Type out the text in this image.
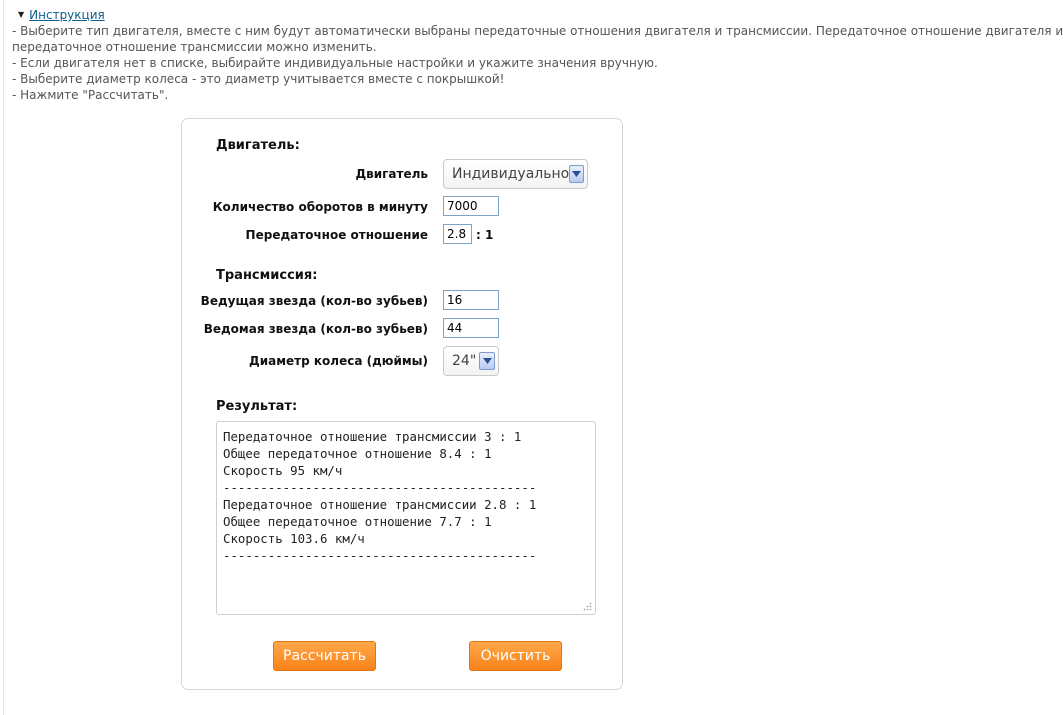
▼ Инструкция
- Выберите тип двигателя, вместе с ним будут автоматически выбраны передаточные отношения двигателя и трансмиссии. Передаточное отношение двигателя и
передаточное отношение трансмиссии можно изменить.
- Если двигателя нет в списке, выбирайте индивидуальные настройки и укажите значения вручную.
- Выберите диаметр колеса - это диаметр учитывается вместе с покрышкой!
- Нажмите "Рассчитать".
Двигатель:
Двигатель	Индивидуально
Количество оборотов в минуту	7000
Передаточное отношение	2.8 : 1
Трансмиссия:
Ведущая звезда (кол-во зубьев)	16
Ведомая звезда (кол-во зубьев)	44
Диаметр колеса (дюймы)	24"
Результат:
Передаточное отношение трансмиссии 3 : 1
Общее передаточное отношение 8.4 : 1
Скорость 95 км/ч
------------------------------------------
Передаточное отношение трансмиссии 2.8 : 1
Общее передаточное отношение 7.7 : 1
Скорость 103.6 км/ч
------------------------------------------
Рассчитать	Очистить
